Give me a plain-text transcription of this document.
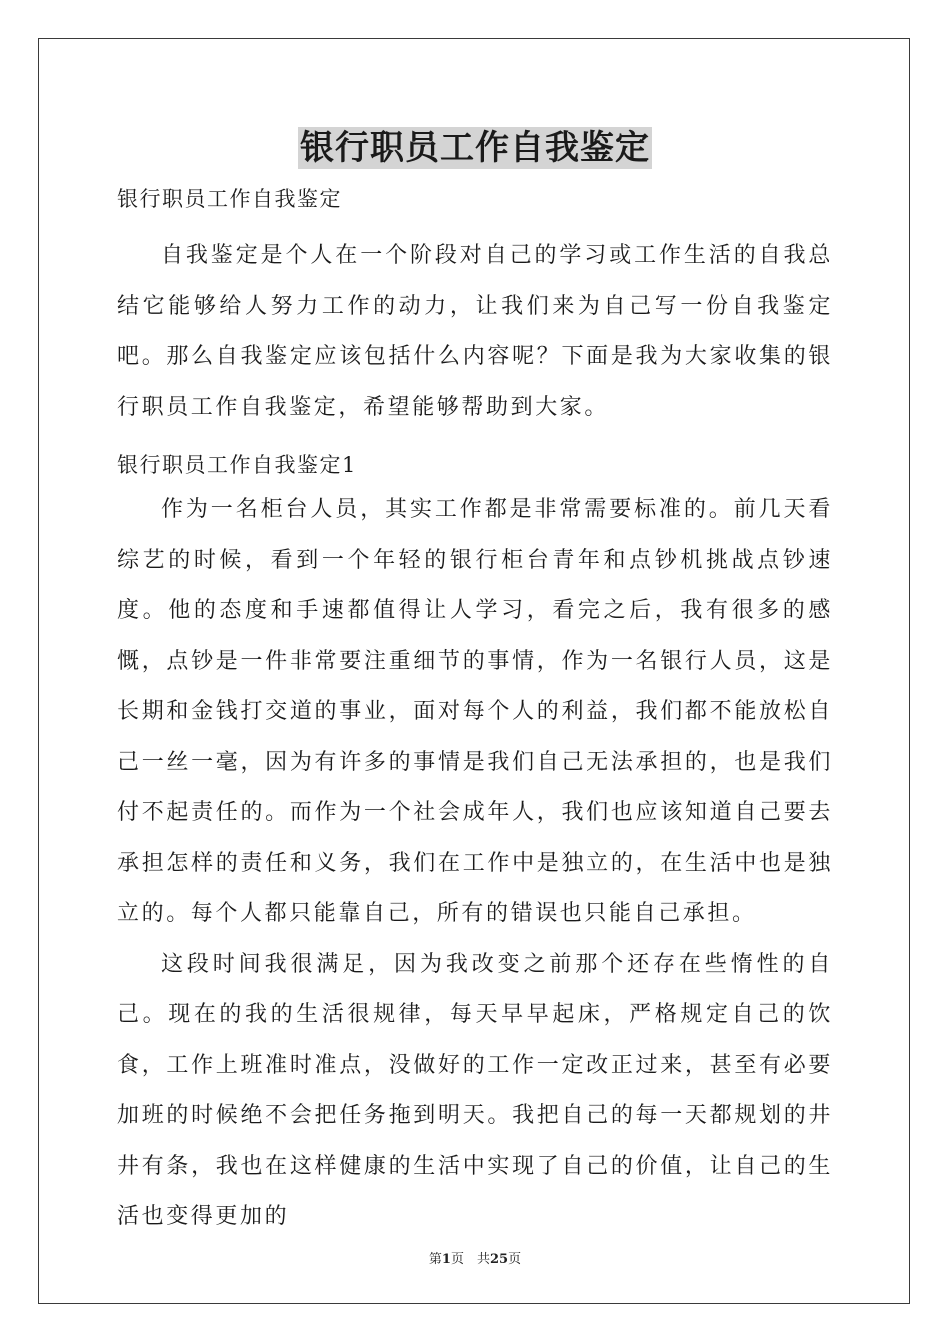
银行职员工作自我鉴定

银行职员工作自我鉴定

自我鉴定是个人在一个阶段对自己的学习或工作生活的自我总结它能够给人努力工作的动力，让我们来为自己写一份自我鉴定吧。那么自我鉴定应该包括什么内容呢？下面是我为大家收集的银行职员工作自我鉴定，希望能够帮助到大家。

银行职员工作自我鉴定1

作为一名柜台人员，其实工作都是非常需要标准的。前几天看综艺的时候，看到一个年轻的银行柜台青年和点钞机挑战点钞速度。他的态度和手速都值得让人学习，看完之后，我有很多的感慨，点钞是一件非常要注重细节的事情，作为一名银行人员，这是长期和金钱打交道的事业，面对每个人的利益，我们都不能放松自己一丝一毫，因为有许多的事情是我们自己无法承担的，也是我们付不起责任的。而作为一个社会成年人，我们也应该知道自己要去承担怎样的责任和义务，我们在工作中是独立的，在生活中也是独立的。每个人都只能靠自己，所有的错误也只能自己承担。

这段时间我很满足，因为我改变之前那个还存在些惰性的自己。现在的我的生活很规律，每天早早起床，严格规定自己的饮食，工作上班准时准点，没做好的工作一定改正过来，甚至有必要加班的时候绝不会把任务拖到明天。我把自己的每一天都规划的井井有条，我也在这样健康的生活中实现了自己的价值，让自己的生活也变得更加的

第1页　共25页
